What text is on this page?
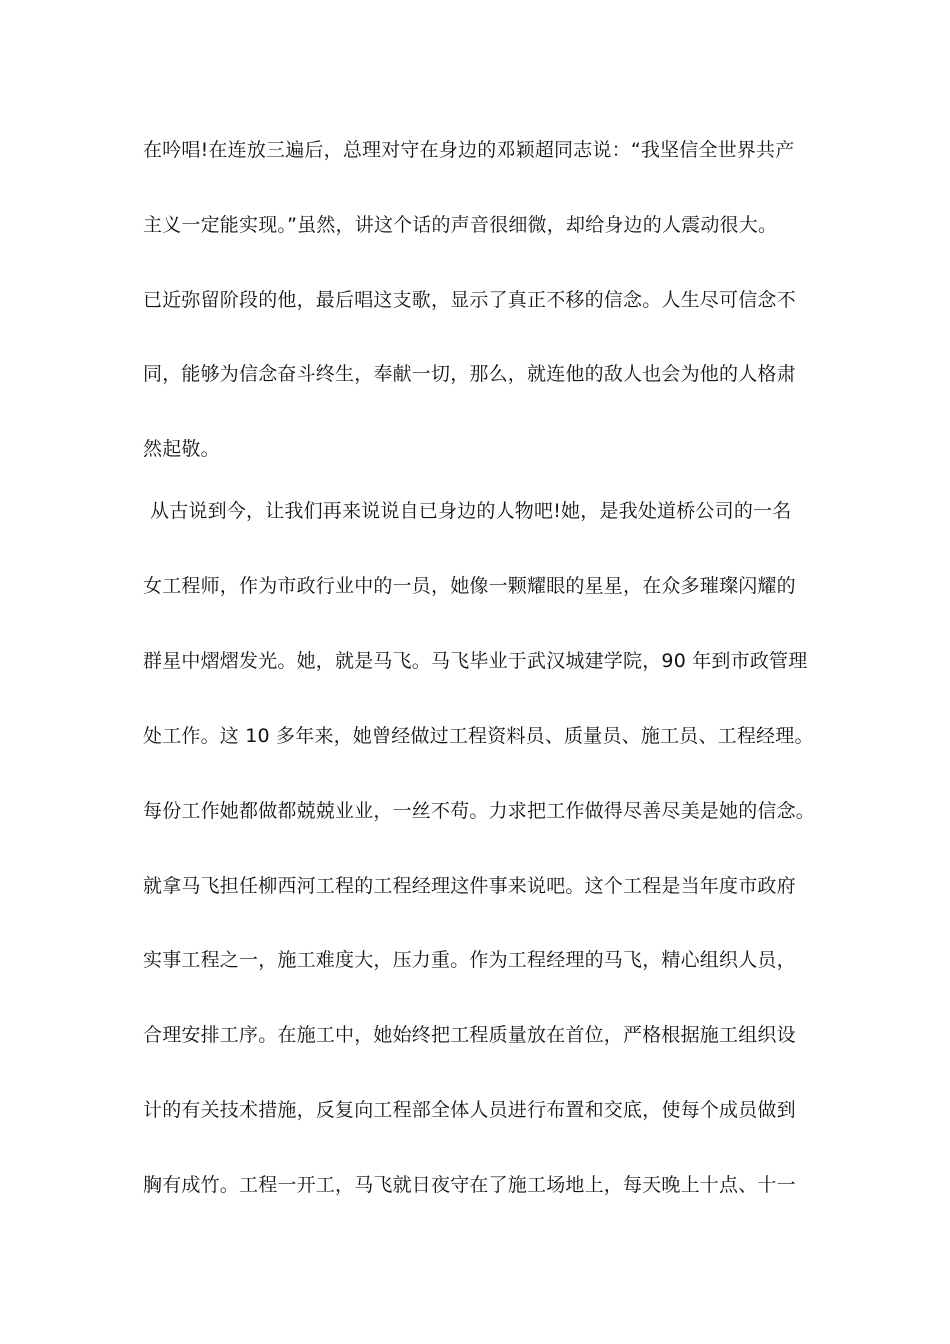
在吟唱!在连放三遍后，总理对守在身边的邓颖超同志说：“我坚信全世界共产
主义一定能实现。”虽然，讲这个话的声音很细微，却给身边的人震动很大。
已近弥留阶段的他，最后唱这支歌，显示了真正不移的信念。人生尽可信念不
同，能够为信念奋斗终生，奉献一切，那么，就连他的敌人也会为他的人格肃
然起敬。
从古说到今，让我们再来说说自已身边的人物吧!她，是我处道桥公司的一名
女工程师，作为市政行业中的一员，她像一颗耀眼的星星，在众多璀璨闪耀的
群星中熠熠发光。她，就是马飞。马飞毕业于武汉城建学院，90 年到市政管理
处工作。这 10 多年来，她曾经做过工程资料员、质量员、施工员、工程经理。
每份工作她都做都兢兢业业，一丝不苟。力求把工作做得尽善尽美是她的信念。
就拿马飞担任柳西河工程的工程经理这件事来说吧。这个工程是当年度市政府
实事工程之一，施工难度大，压力重。作为工程经理的马飞，精心组织人员，
合理安排工序。在施工中，她始终把工程质量放在首位，严格根据施工组织设
计的有关技术措施，反复向工程部全体人员进行布置和交底，使每个成员做到
胸有成竹。工程一开工，马飞就日夜守在了施工场地上，每天晚上十点、十一
